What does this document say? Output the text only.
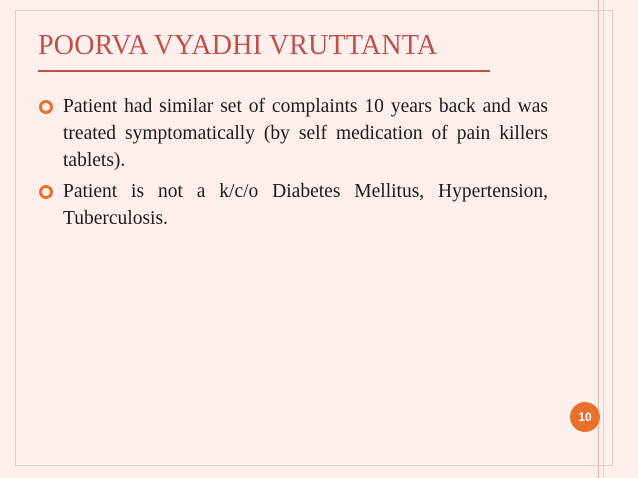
POORVA VYADHI VRUTTANTA
Patient had similar set of complaints 10 years back and was treated symptomatically (by self medication of pain killers tablets).
Patient is not a k/c/o Diabetes Mellitus, Hypertension, Tuberculosis.
10
